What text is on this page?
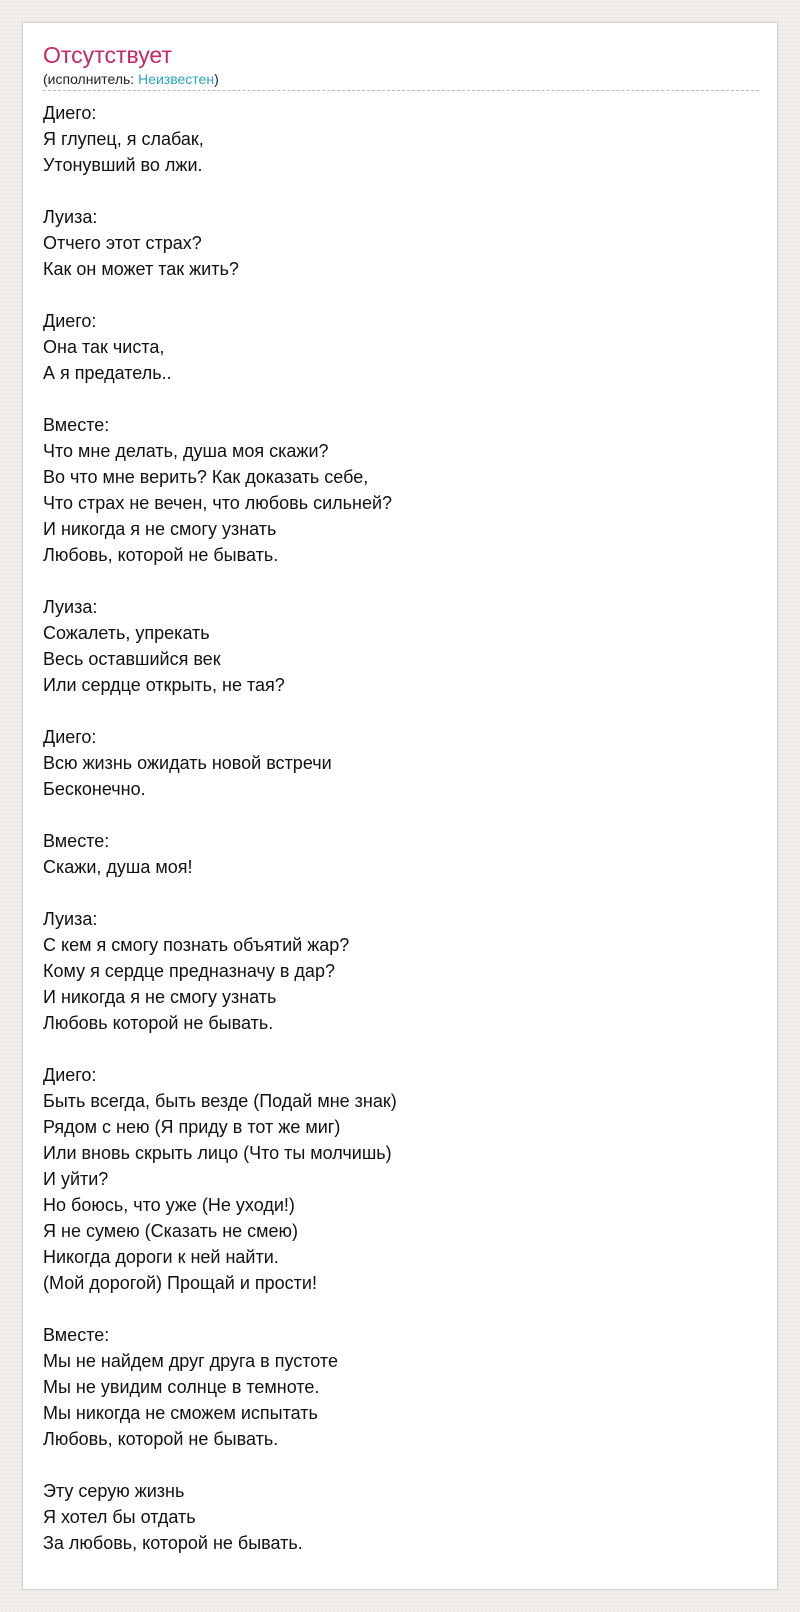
Отсутствует
(исполнитель: Неизвестен)
Диего:
Я глупец, я слабак,
Утонувший во лжи.

Луиза:
Отчего этот страх?
Как он может так жить?

Диего:
Она так чиста,
А я предатель..

Вместе:
Что мне делать, душа моя скажи?
Во что мне верить? Как доказать себе,
Что страх не вечен, что любовь сильней?
И никогда я не смогу узнать
Любовь, которой не бывать.

Луиза:
Сожалеть, упрекать
Весь оставшийся век
Или сердце открыть, не тая?

Диего:
Всю жизнь ожидать новой встречи
Бесконечно.

Вместе:
Скажи, душа моя!

Луиза:
С кем я смогу познать объятий жар?
Кому я сердце предназначу в дар?
И никогда я не смогу узнать
Любовь которой не бывать.

Диего:
Быть всегда, быть везде (Подай мне знак)
Рядом с нею (Я приду в тот же миг)
Или вновь скрыть лицо (Что ты молчишь)
И уйти?
Но боюсь, что уже (Не уходи!)
Я не сумею (Сказать не смею)
Никогда дороги к ней найти.
(Мой дорогой) Прощай и прости!

Вместе:
Мы не найдем друг друга в пустоте
Мы не увидим солнце в темноте.
Мы никогда не сможем испытать
Любовь, которой не бывать.

Эту серую жизнь
Я хотел бы отдать
За любовь, которой не бывать.
